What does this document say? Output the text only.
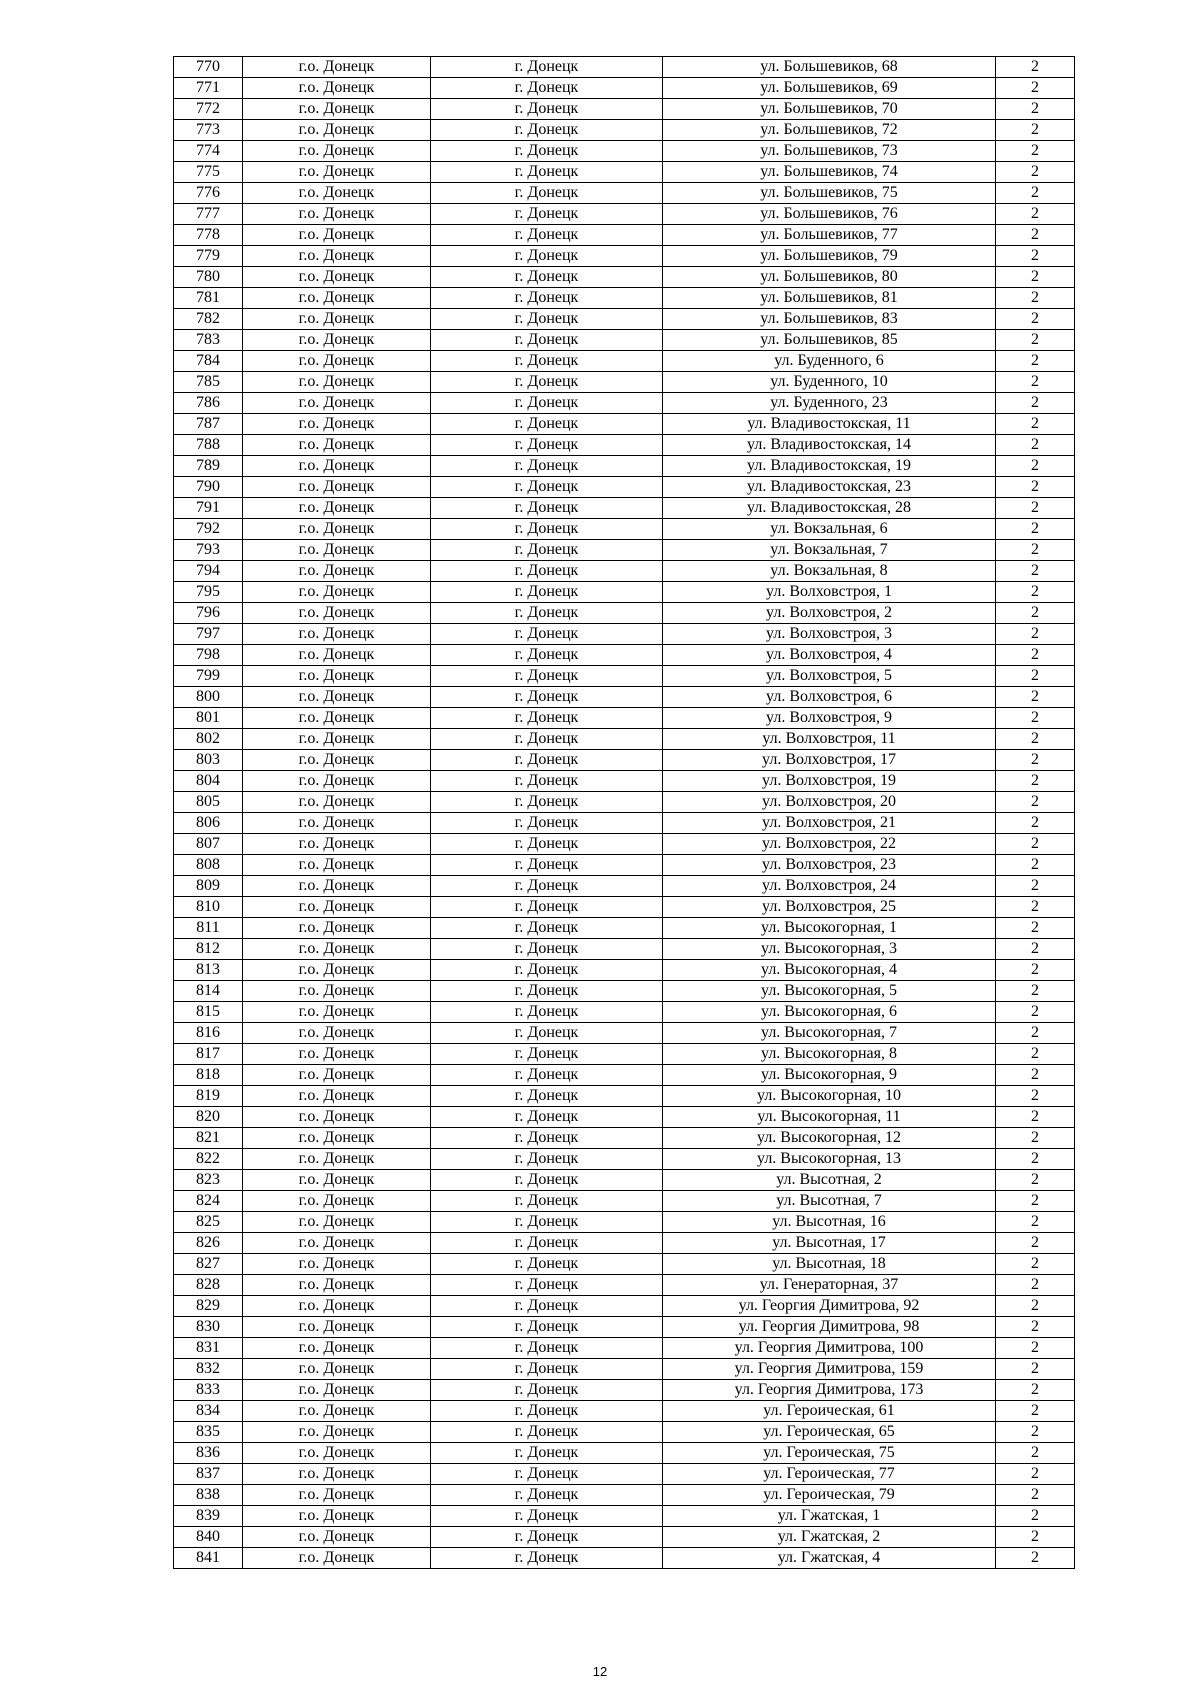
770	г.о. Донецк	г. Донецк	ул. Большевиков, 68	2
771	г.о. Донецк	г. Донецк	ул. Большевиков, 69	2
772	г.о. Донецк	г. Донецк	ул. Большевиков, 70	2
773	г.о. Донецк	г. Донецк	ул. Большевиков, 72	2
774	г.о. Донецк	г. Донецк	ул. Большевиков, 73	2
775	г.о. Донецк	г. Донецк	ул. Большевиков, 74	2
776	г.о. Донецк	г. Донецк	ул. Большевиков, 75	2
777	г.о. Донецк	г. Донецк	ул. Большевиков, 76	2
778	г.о. Донецк	г. Донецк	ул. Большевиков, 77	2
779	г.о. Донецк	г. Донецк	ул. Большевиков, 79	2
780	г.о. Донецк	г. Донецк	ул. Большевиков, 80	2
781	г.о. Донецк	г. Донецк	ул. Большевиков, 81	2
782	г.о. Донецк	г. Донецк	ул. Большевиков, 83	2
783	г.о. Донецк	г. Донецк	ул. Большевиков, 85	2
784	г.о. Донецк	г. Донецк	ул. Буденного, 6	2
785	г.о. Донецк	г. Донецк	ул. Буденного, 10	2
786	г.о. Донецк	г. Донецк	ул. Буденного, 23	2
787	г.о. Донецк	г. Донецк	ул. Владивостокская, 11	2
788	г.о. Донецк	г. Донецк	ул. Владивостокская, 14	2
789	г.о. Донецк	г. Донецк	ул. Владивостокская, 19	2
790	г.о. Донецк	г. Донецк	ул. Владивостокская, 23	2
791	г.о. Донецк	г. Донецк	ул. Владивостокская, 28	2
792	г.о. Донецк	г. Донецк	ул. Вокзальная, 6	2
793	г.о. Донецк	г. Донецк	ул. Вокзальная, 7	2
794	г.о. Донецк	г. Донецк	ул. Вокзальная, 8	2
795	г.о. Донецк	г. Донецк	ул. Волховстроя, 1	2
796	г.о. Донецк	г. Донецк	ул. Волховстроя, 2	2
797	г.о. Донецк	г. Донецк	ул. Волховстроя, 3	2
798	г.о. Донецк	г. Донецк	ул. Волховстроя, 4	2
799	г.о. Донецк	г. Донецк	ул. Волховстроя, 5	2
800	г.о. Донецк	г. Донецк	ул. Волховстроя, 6	2
801	г.о. Донецк	г. Донецк	ул. Волховстроя, 9	2
802	г.о. Донецк	г. Донецк	ул. Волховстроя, 11	2
803	г.о. Донецк	г. Донецк	ул. Волховстроя, 17	2
804	г.о. Донецк	г. Донецк	ул. Волховстроя, 19	2
805	г.о. Донецк	г. Донецк	ул. Волховстроя, 20	2
806	г.о. Донецк	г. Донецк	ул. Волховстроя, 21	2
807	г.о. Донецк	г. Донецк	ул. Волховстроя, 22	2
808	г.о. Донецк	г. Донецк	ул. Волховстроя, 23	2
809	г.о. Донецк	г. Донецк	ул. Волховстроя, 24	2
810	г.о. Донецк	г. Донецк	ул. Волховстроя, 25	2
811	г.о. Донецк	г. Донецк	ул. Высокогорная, 1	2
812	г.о. Донецк	г. Донецк	ул. Высокогорная, 3	2
813	г.о. Донецк	г. Донецк	ул. Высокогорная, 4	2
814	г.о. Донецк	г. Донецк	ул. Высокогорная, 5	2
815	г.о. Донецк	г. Донецк	ул. Высокогорная, 6	2
816	г.о. Донецк	г. Донецк	ул. Высокогорная, 7	2
817	г.о. Донецк	г. Донецк	ул. Высокогорная, 8	2
818	г.о. Донецк	г. Донецк	ул. Высокогорная, 9	2
819	г.о. Донецк	г. Донецк	ул. Высокогорная, 10	2
820	г.о. Донецк	г. Донецк	ул. Высокогорная, 11	2
821	г.о. Донецк	г. Донецк	ул. Высокогорная, 12	2
822	г.о. Донецк	г. Донецк	ул. Высокогорная, 13	2
823	г.о. Донецк	г. Донецк	ул. Высотная, 2	2
824	г.о. Донецк	г. Донецк	ул. Высотная, 7	2
825	г.о. Донецк	г. Донецк	ул. Высотная, 16	2
826	г.о. Донецк	г. Донецк	ул. Высотная, 17	2
827	г.о. Донецк	г. Донецк	ул. Высотная, 18	2
828	г.о. Донецк	г. Донецк	ул. Генераторная, 37	2
829	г.о. Донецк	г. Донецк	ул. Георгия Димитрова, 92	2
830	г.о. Донецк	г. Донецк	ул. Георгия Димитрова, 98	2
831	г.о. Донецк	г. Донецк	ул. Георгия Димитрова, 100	2
832	г.о. Донецк	г. Донецк	ул. Георгия Димитрова, 159	2
833	г.о. Донецк	г. Донецк	ул. Георгия Димитрова, 173	2
834	г.о. Донецк	г. Донецк	ул. Героическая, 61	2
835	г.о. Донецк	г. Донецк	ул. Героическая, 65	2
836	г.о. Донецк	г. Донецк	ул. Героическая, 75	2
837	г.о. Донецк	г. Донецк	ул. Героическая, 77	2
838	г.о. Донецк	г. Донецк	ул. Героическая, 79	2
839	г.о. Донецк	г. Донецк	ул. Гжатская, 1	2
840	г.о. Донецк	г. Донецк	ул. Гжатская, 2	2
841	г.о. Донецк	г. Донецк	ул. Гжатская, 4	2
12
